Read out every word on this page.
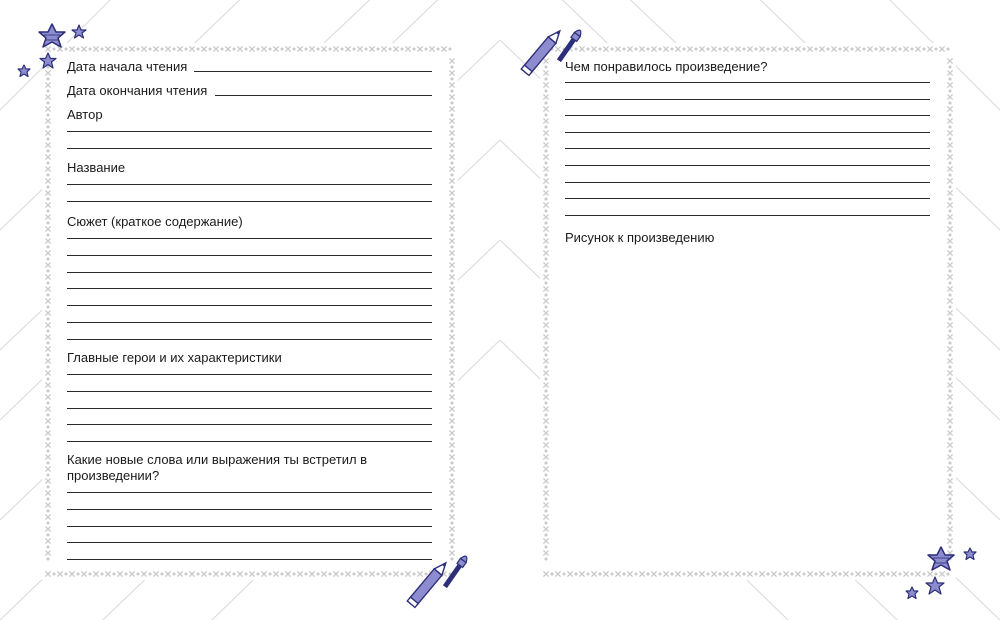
Дата начала чтения
Дата окончания чтения
Автор
Название
Сюжет (краткое содержание)
Главные герои и их характеристики
Какие новые слова или выражения ты встретил в произведении?
Чем понравилось произведение?
Рисунок к произведению
